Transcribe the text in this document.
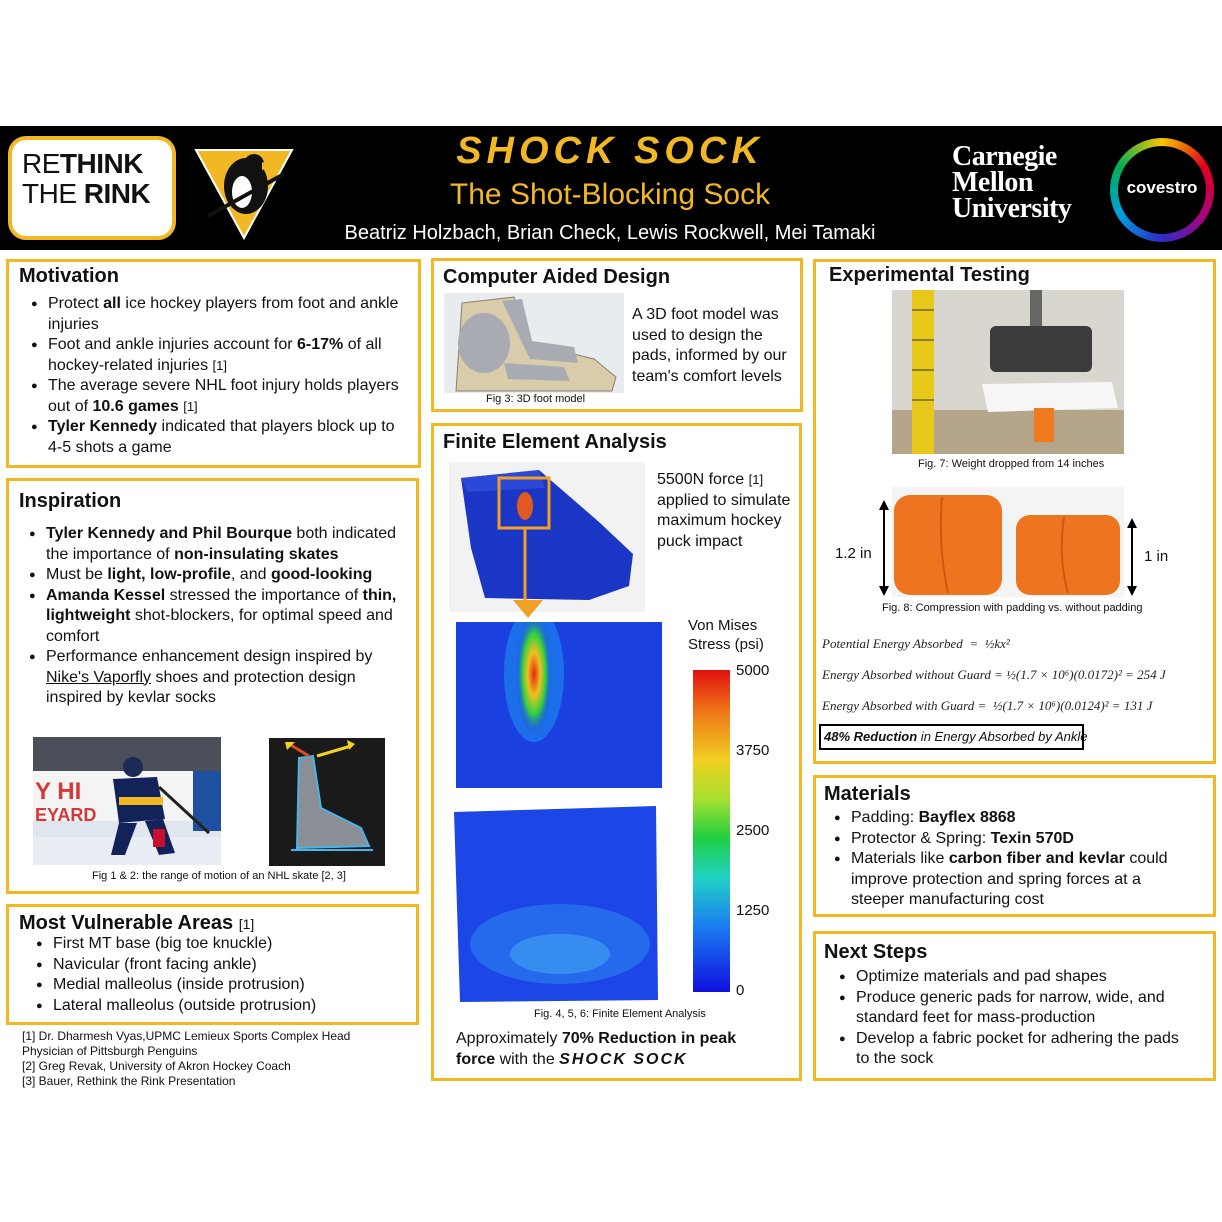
RETHINK
THE RINK
SHOCK SOCK
The Shot-Blocking Sock
Beatriz Holzbach, Brian Check, Lewis Rockwell, Mei Tamaki
Carnegie
Mellon
University
covestro
Motivation
● Protect all ice hockey players from foot and ankle injuries
● Foot and ankle injuries account for 6-17% of all hockey-related injuries [1]
● The average severe NHL foot injury holds players out of 10.6 games [1]
● Tyler Kennedy indicated that players block up to 4-5 shots a game
Inspiration
● Tyler Kennedy and Phil Bourque both indicated the importance of non-insulating skates
● Must be light, low-profile, and good-looking
● Amanda Kessel stressed the importance of thin, lightweight shot-blockers, for optimal speed and comfort
● Performance enhancement design inspired by Nike's Vaporfly shoes and protection design inspired by kevlar socks
Y HI
EYARD
Fig 1 & 2: the range of motion of an NHL skate [2, 3]
Most Vulnerable Areas [1]
● First MT base (big toe knuckle)
● Navicular (front facing ankle)
● Medial malleolus (inside protrusion)
● Lateral malleolus (outside protrusion)
[1] Dr. Dharmesh Vyas,UPMC Lemieux Sports Complex Head Physician of Pittsburgh Penguins
[2] Greg Revak, University of Akron Hockey Coach
[3] Bauer, Rethink the Rink Presentation
Computer Aided Design
Fig 3: 3D foot model
A 3D foot model was used to design the pads, informed by our team's comfort levels
Finite Element Analysis
5500N force [1] applied to simulate maximum hockey puck impact
Von Mises Stress (psi)
5000
3750
2500
1250
0
Fig. 4, 5, 6: Finite Element Analysis
Approximately 70% Reduction in peak force with the SHOCK SOCK
Experimental Testing
Fig. 7: Weight dropped from 14 inches
1.2 in	1 in
Fig. 8: Compression with padding vs. without padding
Potential Energy Absorbed  =  ½kx²
Energy Absorbed without Guard = ½(1.7 × 10⁶)(0.0172)² = 254 J
Energy Absorbed with Guard =  ½(1.7 × 10⁶)(0.0124)² = 131 J
48% Reduction in Energy Absorbed by Ankle
Materials
● Padding: Bayflex 8868
● Protector & Spring: Texin 570D
● Materials like carbon fiber and kevlar could improve protection and spring forces at a steeper manufacturing cost
Next Steps
● Optimize materials and pad shapes
● Produce generic pads for narrow, wide, and standard feet for mass-production
● Develop a fabric pocket for adhering the pads to the sock
